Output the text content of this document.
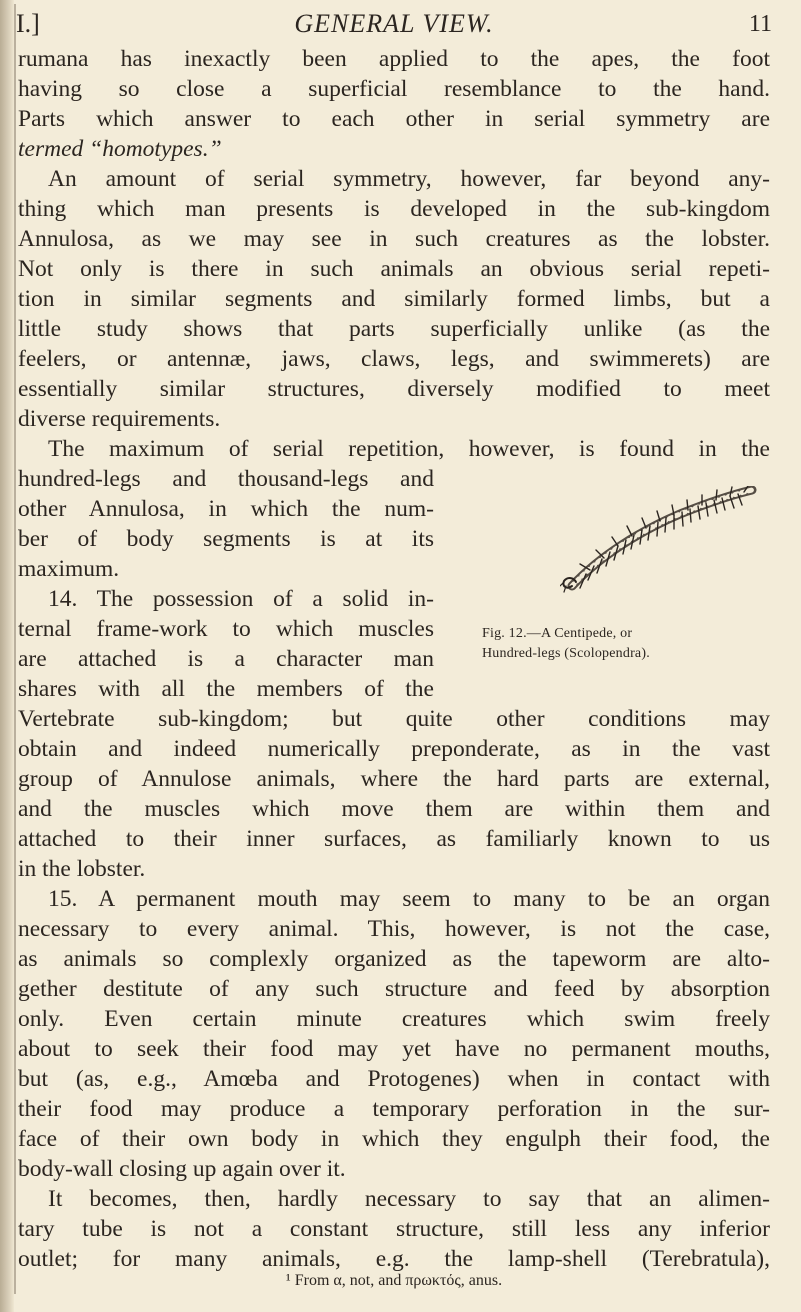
I.]	GENERAL VIEW.	11
rumana has inexactly been applied to the apes, the foot
having so close a superficial resemblance to the hand.
Parts which answer to each other in serial symmetry are
termed “homotypes.”
An amount of serial symmetry, however, far beyond any-
thing which man presents is developed in the sub-kingdom
Annulosa, as we may see in such creatures as the lobster.
Not only is there in such animals an obvious serial repeti-
tion in similar segments and similarly formed limbs, but a
little study shows that parts superficially unlike (as the
feelers, or antennæ, jaws, claws, legs, and swimmerets) are
essentially similar structures, diversely modified to meet
diverse requirements.
The maximum of serial repetition, however, is found in the
hundred-legs and thousand-legs and
other Annulosa, in which the num-
ber of body segments is at its
maximum.
14. The possession of a solid in-
ternal frame-work to which muscles
are attached is a character man
shares with all the members of the
Vertebrate sub-kingdom; but quite other conditions may
obtain and indeed numerically preponderate, as in the vast
group of Annulose animals, where the hard parts are external,
and the muscles which move them are within them and
attached to their inner surfaces, as familiarly known to us
in the lobster.
15. A permanent mouth may seem to many to be an organ
necessary to every animal. This, however, is not the case,
as animals so complexly organized as the tapeworm are alto-
gether destitute of any such structure and feed by absorption
only. Even certain minute creatures which swim freely
about to seek their food may yet have no permanent mouths,
but (as, e.g., Amœba and Protogenes) when in contact with
their food may produce a temporary perforation in the sur-
face of their own body in which they engulph their food, the
body-wall closing up again over it.
It becomes, then, hardly necessary to say that an alimen-
tary tube is not a constant structure, still less any inferior
outlet; for many animals, e.g. the lamp-shell (Terebratula),
Fig. 12.—A Centipede, or
Hundred-legs (Scolopendra).
¹ From α, not, and πρωκτός, anus.
